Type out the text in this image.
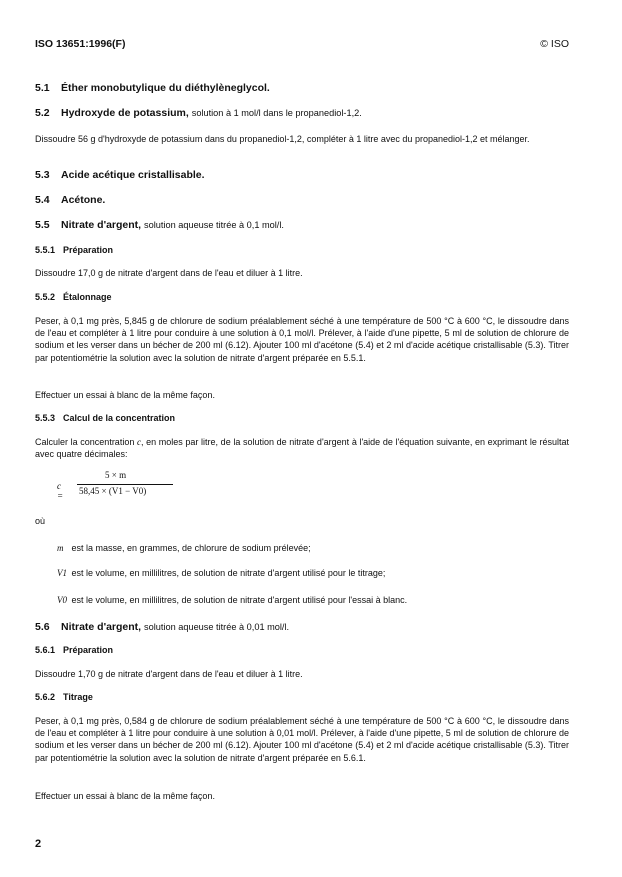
ISO 13651:1996(F)	© ISO

5.1 Éther monobutylique du diéthylèneglycol.

5.2 Hydroxyde de potassium, solution à 1 mol/l dans le propanediol-1,2.

Dissoudre 56 g d'hydroxyde de potassium dans du propanediol-1,2, compléter à 1 litre avec du propanediol-1,2 et mélanger.

5.3 Acide acétique cristallisable.

5.4 Acétone.

5.5 Nitrate d'argent, solution aqueuse titrée à 0,1 mol/l.

5.5.1 Préparation

Dissoudre 17,0 g de nitrate d'argent dans de l'eau et diluer à 1 litre.

5.5.2 Étalonnage

Peser, à 0,1 mg près, 5,845 g de chlorure de sodium préalablement séché à une température de 500 °C à 600 °C, le dissoudre dans de l'eau et compléter à 1 litre pour conduire à une solution à 0,1 mol/l. Prélever, à l'aide d'une pipette, 5 ml de solution de chlorure de sodium et les verser dans un bécher de 200 ml (6.12). Ajouter 100 ml d'acétone (5.4) et 2 ml d'acide acétique cristallisable (5.3). Titrer par potentiométrie la solution avec la solution de nitrate d'argent préparée en 5.5.1.

Effectuer un essai à blanc de la même façon.

5.5.3 Calcul de la concentration

Calculer la concentration c, en moles par litre, de la solution de nitrate d'argent à l'aide de l'équation suivante, en exprimant le résultat avec quatre décimales:

c =
5 × m
58,45 × (V1 − V0)

où

m est la masse, en grammes, de chlorure de sodium prélevée;
V1 est le volume, en millilitres, de solution de nitrate d'argent utilisé pour le titrage;
V0 est le volume, en millilitres, de solution de nitrate d'argent utilisé pour l'essai à blanc.

5.6 Nitrate d'argent, solution aqueuse titrée à 0,01 mol/l.

5.6.1 Préparation

Dissoudre 1,70 g de nitrate d'argent dans de l'eau et diluer à 1 litre.

5.6.2 Titrage

Peser, à 0,1 mg près, 0,584 g de chlorure de sodium préalablement séché à une température de 500 °C à 600 °C, le dissoudre dans de l'eau et compléter à 1 litre pour conduire à une solution à 0,01 mol/l. Prélever, à l'aide d'une pipette, 5 ml de solution de chlorure de sodium et les verser dans un bécher de 200 ml (6.12). Ajouter 100 ml d'acétone (5.4) et 2 ml d'acide acétique cristallisable (5.3). Titrer par potentiométrie la solution avec la solution de nitrate d'argent préparée en 5.6.1.

Effectuer un essai à blanc de la même façon.

2
